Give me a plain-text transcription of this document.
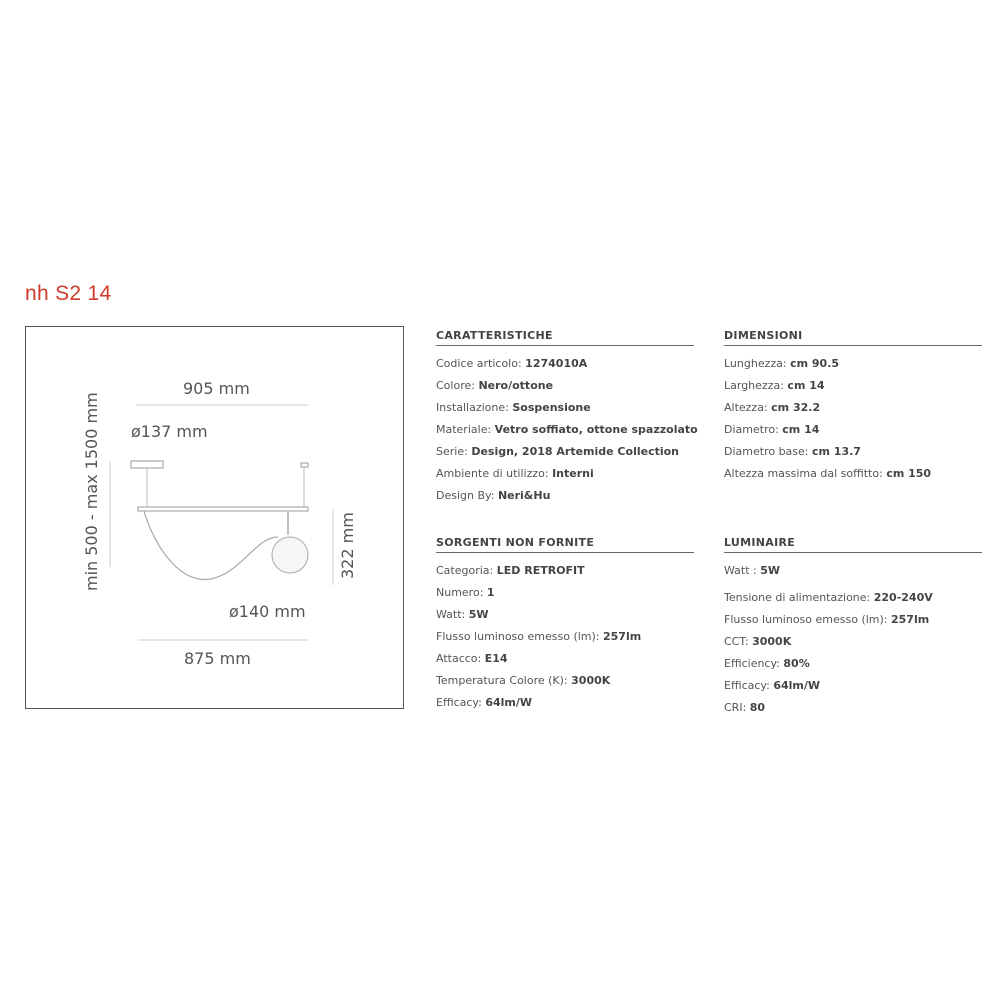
nh S2 14
905 mm
ø137 mm
min 500 - max 1500 mm	322 mm
ø140 mm
875 mm
CARATTERISTICHE
Codice articolo: 1274010A
Colore: Nero/ottone
Installazione: Sospensione
Materiale: Vetro soffiato, ottone spazzolato
Serie: Design, 2018 Artemide Collection
Ambiente di utilizzo: Interni
Design By: Neri&Hu
DIMENSIONI
Lunghezza: cm 90.5
Larghezza: cm 14
Altezza: cm 32.2
Diametro: cm 14
Diametro base: cm 13.7
Altezza massima dal soffitto: cm 150
SORGENTI NON FORNITE
Categoria: LED RETROFIT
Numero: 1
Watt: 5W
Flusso luminoso emesso (lm): 257lm
Attacco: E14
Temperatura Colore (K): 3000K
Efficacy: 64lm/W
LUMINAIRE
Watt : 5W
Tensione di alimentazione: 220-240V
Flusso luminoso emesso (lm): 257lm
CCT: 3000K
Efficiency: 80%
Efficacy: 64lm/W
CRI: 80
